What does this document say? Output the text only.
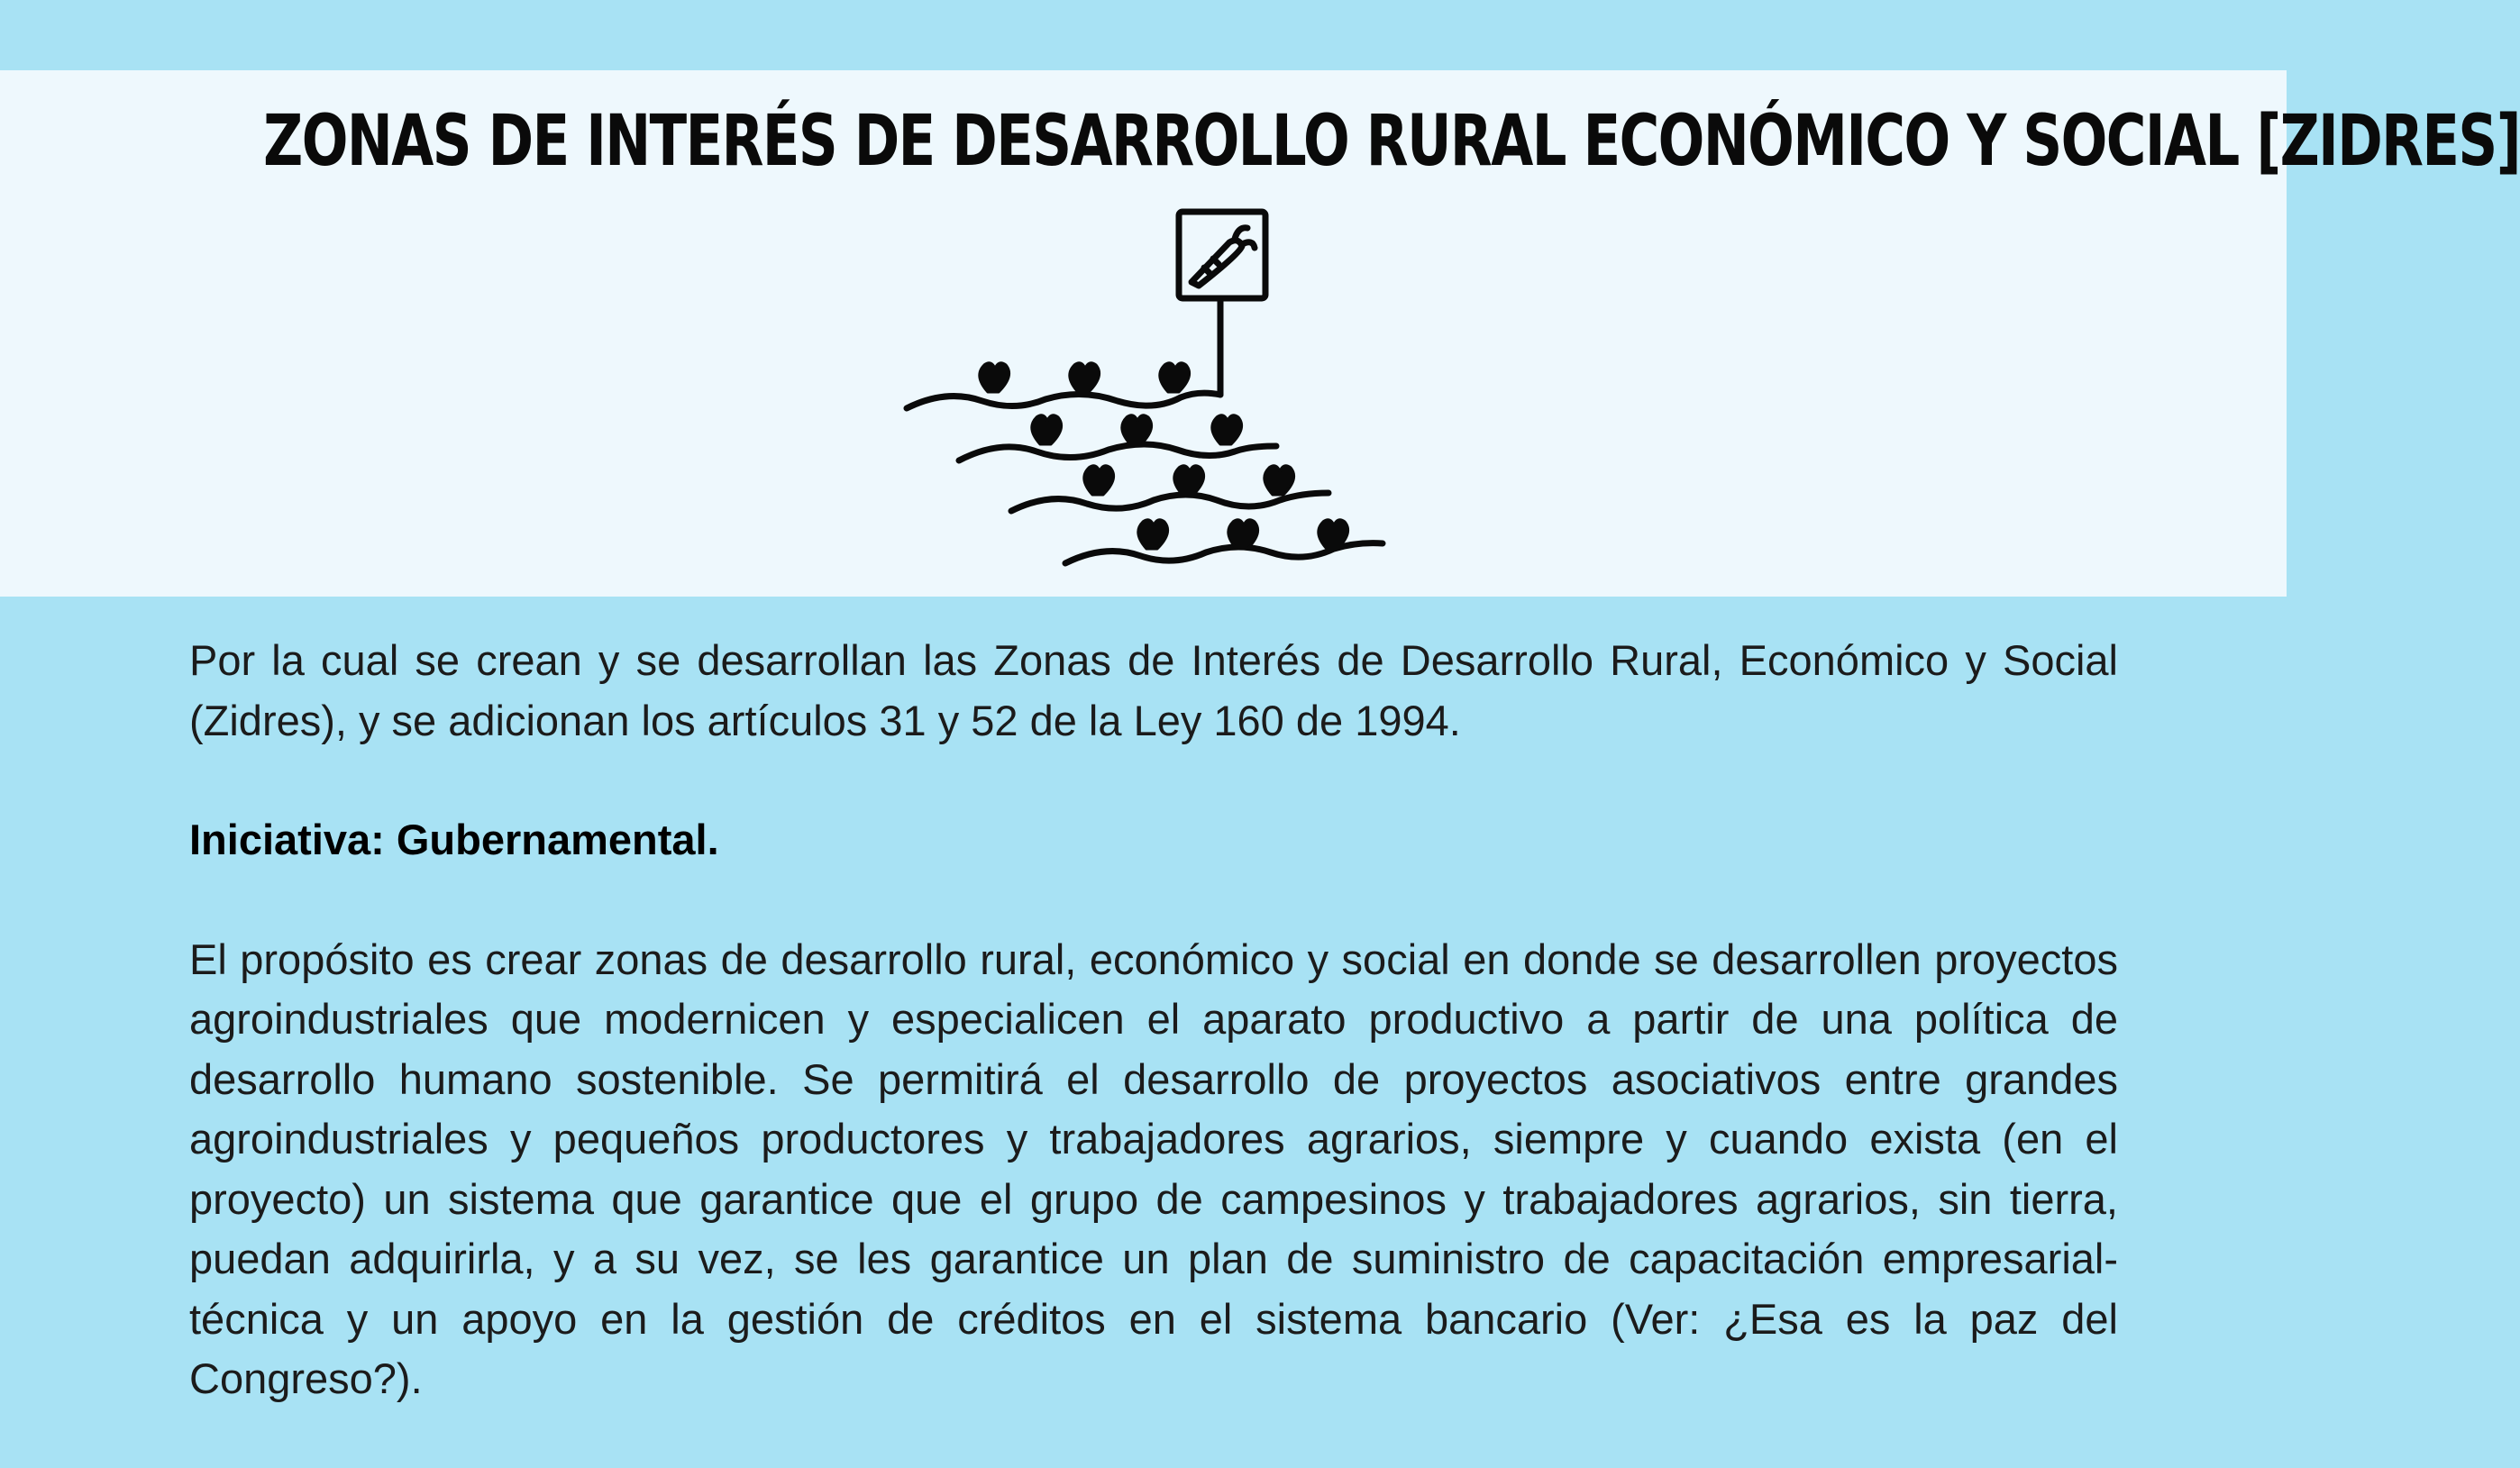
ZONAS DE INTERÉS DE DESARROLLO RURAL ECONÓMICO Y SOCIAL [ZIDRES]

Por la cual se crean y se desarrollan las Zonas de Interés de Desarrollo Rural, Económico y Social (Zidres), y se adicionan los artículos 31 y 52 de la Ley 160 de 1994.

Iniciativa: Gubernamental.

El propósito es crear zonas de desarrollo rural, económico y social en donde se desarrollen proyectos agroindustriales que modernicen y especialicen el aparato productivo a partir de una política de desarrollo humano sostenible. Se permitirá el desarrollo de proyectos asociativos entre grandes agroindustriales y pequeños productores y trabajadores agrarios, siempre y cuando exista (en el proyecto) un sistema que garantice que el grupo de campesinos y trabajadores agrarios, sin tierra, puedan adquirirla, y a su vez, se les garantice un plan de suministro de capacitación empresarial-técnica y un apoyo en la gestión de créditos en el sistema bancario (Ver: ¿Esa es la paz del Congreso?).
